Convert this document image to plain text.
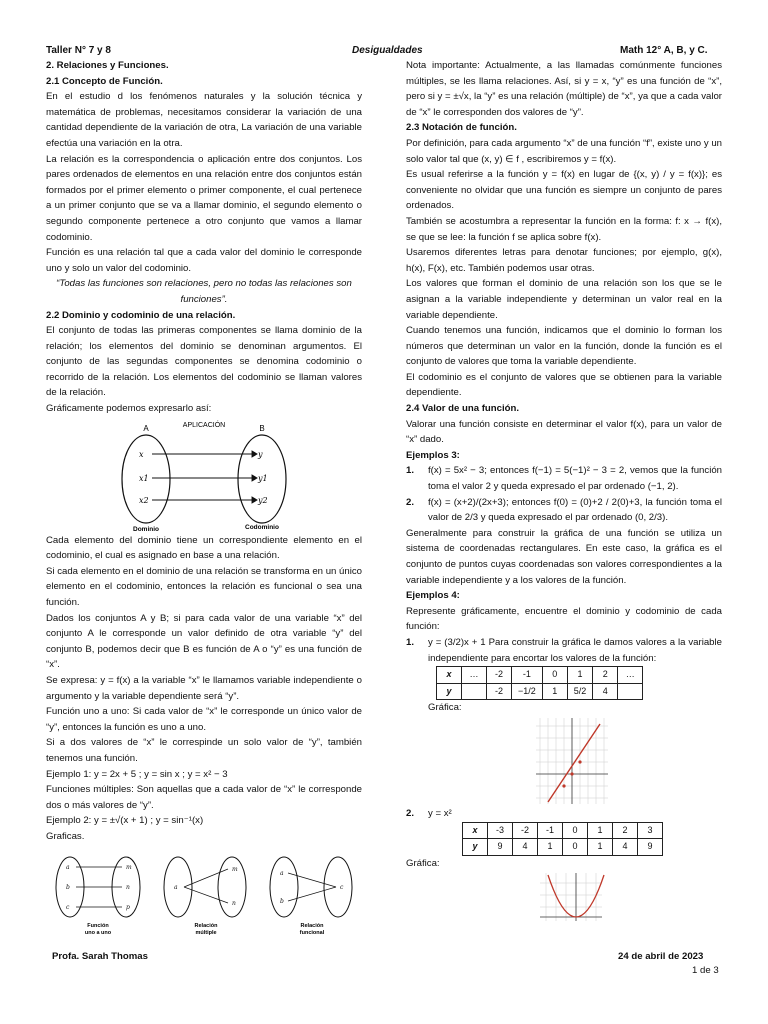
Taller N° 7 y 8	Desigualdades	Math 12° A, B, y C.

2. Relaciones y Funciones.

2.1 Concepto de Función.

En el estudio d los fenómenos naturales y la solución técnica y matemática de problemas, necesitamos considerar la variación de una cantidad dependiente de la variación de otra, La variación de una variable efectúa una variación en la otra.

La relación es la correspondencia o aplicación entre dos conjuntos. Los pares ordenados de elementos en una relación entre dos conjuntos están formados por el primer elemento o primer componente, el cual pertenece a un primer conjunto que se va a llamar dominio, el segundo elemento o segundo componente pertenece a otro conjunto que vamos a llamar codominio.

Función es una relación tal que a cada valor del dominio le corresponde uno y solo un valor del codominio.

“Todas las funciones son relaciones, pero no todas las relaciones son funciones”.

2.2 Dominio y codominio de una relación.

El conjunto de todas las primeras componentes se llama dominio de la relación; los elementos del dominio se denominan argumentos. El conjunto de las segundas componentes se denomina codominio o recorrido de la relación. Los elementos del codominio se llaman valores de la relación.

Gráficamente podemos expresarlo así:

APLICACIÓN
A	B
x
x1
x2
y
y1
y2
Dominio	Codominio

Cada elemento del dominio tiene un correspondiente elemento en el codominio, el cual es asignado en base a una relación.

Si cada elemento en el dominio de una relación se transforma en un único elemento en el codominio, entonces la relación es funcional o sea una función.

Dados los conjuntos A y B; si para cada valor de una variable “x” del conjunto A le corresponde un valor definido de otra variable “y” del conjunto B, podemos decir que B es función de A o “y” es una función de “x”.

Se expresa: y = f(x) a la variable “x” le llamamos variable independiente o argumento y la variable dependiente será “y”.

Función uno a uno: Si cada valor de “x” le corresponde un único valor de “y”, entonces la función es uno a uno.

Si a dos valores de “x” le correspinde un solo valor de “y”, también tenemos una función.

Ejemplo 1: y = 2x + 5 ; y = sin x ; y = x² − 3

Funciones múltiples: Son aquellas que a cada valor de “x” le corresponde dos o más valores de “y”.

Ejemplo 2: y = ±√(x + 1) ; y = sin⁻¹(x)

Graficas.

a
b
c
m
n
p
a
m
n
a
b
c
Función
uno a uno
Relación
múltiple
Relación
funcional

Nota importante: Actualmente, a las llamadas comúnmente funciones múltiples, se les llama relaciones. Así, si y = x, “y” es una función de “x”, pero si y = ±√x, la “y” es una relación (múltiple) de “x”, ya que a cada valor de “x” le corresponden dos valores de “y”.

2.3 Notación de función.

Por definición, para cada argumento “x” de una función “f”, existe uno y un solo valor tal que (x, y) ∈ f , escribiremos y = f(x).

Es usual referirse a la función y = f(x) en lugar de {(x, y) / y = f(x)}; es conveniente no olvidar que una función es siempre un conjunto de pares ordenados.

También se acostumbra a representar la función en la forma: f: x → f(x), se que se lee: la función f se aplica sobre f(x).

Usaremos diferentes letras para denotar funciones; por ejemplo, g(x), h(x), F(x), etc. También podemos usar otras.

Los valores que forman el dominio de una relación son los que se le asignan a la variable independiente y determinan un valor real en la variable dependiente.

Cuando tenemos una función, indicamos que el dominio lo forman los números que determinan un valor en la función, donde la función es el conjunto de valores que toma la variable dependiente.

El codominio es el conjunto de valores que se obtienen para la variable dependiente.

2.4 Valor de una función.

Valorar una función consiste en determinar el valor f(x), para un valor de “x” dado.

Ejemplos 3:

1.	f(x) = 5x² − 3; entonces f(−1) = 5(−1)² − 3 = 2, vemos que la función toma el valor 2 y queda expresado el par ordenado (−1, 2).
2.	f(x) = (x+2)/(2x+3); entonces f(0) = (0)+2 / 2(0)+3, la función toma el valor de 2/3 y queda expresado el par ordenado (0, 2/3).

Generalmente para construir la gráfica de una función se utiliza un sistema de coordenadas rectangulares. En este caso, la gráfica es el conjunto de puntos cuyas coordenadas son valores correspondientes a la variable independiente y a los valores de la función.

Ejemplos 4:

Represente gráficamente, encuentre el dominio y codominio de cada función:

1.	y = (3/2)x + 1 Para construir la gráfica le damos valores a la variable independiente para encortar los valores de la función:
x	…	-2	-1	0	1	2	…
y		-2	−1/2	1	5/2	4	

Gráfica:

2.	y = x²
x	-3	-2	-1	0	1	2	3
y	9	4	1	0	1	4	9

Gráfica:

Profa. Sarah Thomas	24 de abril de 2023
1 de 3
